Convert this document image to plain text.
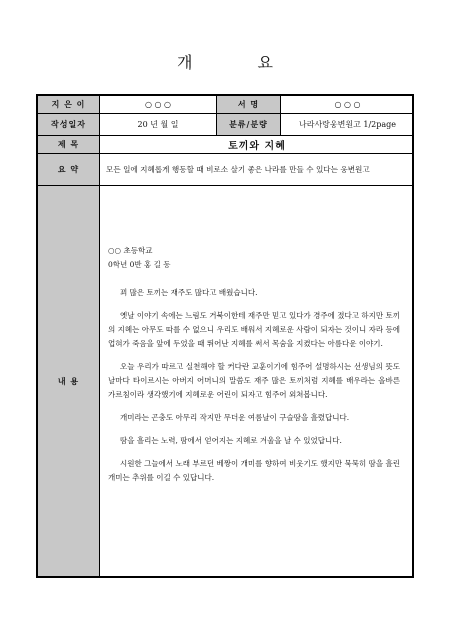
개 요
지 은 이	○ ○ ○	서 명	○ ○ ○
작성일자	20 년 월 일	분류/분량	나라사랑웅변원고 1/2page
제 목	토끼와 지혜
요 약	모든 일에 지혜롭게 행동할 때 비로소 살기 좋은 나라를 만들 수 있다는 웅변원고
내 용

○○ 초등학교

0학년 0반 홍 길 동

꾀 많은 토끼는 재주도 많다고 배웠습니다.

옛날 이야기 속에는 느림도 거북이한테 재주만 믿고 있다가 경주에 졌다고 하지만 토끼의 지혜는 아무도 따를 수 없으니 우리도 배워서 지혜로운 사람이 되자는 것이니 자라 등에 업혀가 죽음을 앞에 두었을 때 뛰어난 지혜를 써서 목숨을 지켰다는 아름다운 이야기.

오늘 우리가 따르고 실천해야 할 커다란 교훈이기에 힘주어 설명하시는 선생님의 뜻도 날마다 타이르시는 아버지 어머니의 말씀도 재주 많은 토끼처럼 지혜를 배우라는 올바른 가르침이라 생각했기에 지혜로운 어린이 되자고 힘주어 외쳐봅니다.

개미라는 곤충도 아무리 작지만 무더운 여름날이 구슬땀을 흘렸답니다.

땀을 흘리는 노력, 땀에서 얻어지는 지혜로 겨울을 날 수 있었답니다.

시원한 그늘에서 노래 부르던 베짱이 개미를 향하여 비웃기도 했지만 묵묵히 땀을 흘린 개미는 추위를 이길 수 있답니다.
